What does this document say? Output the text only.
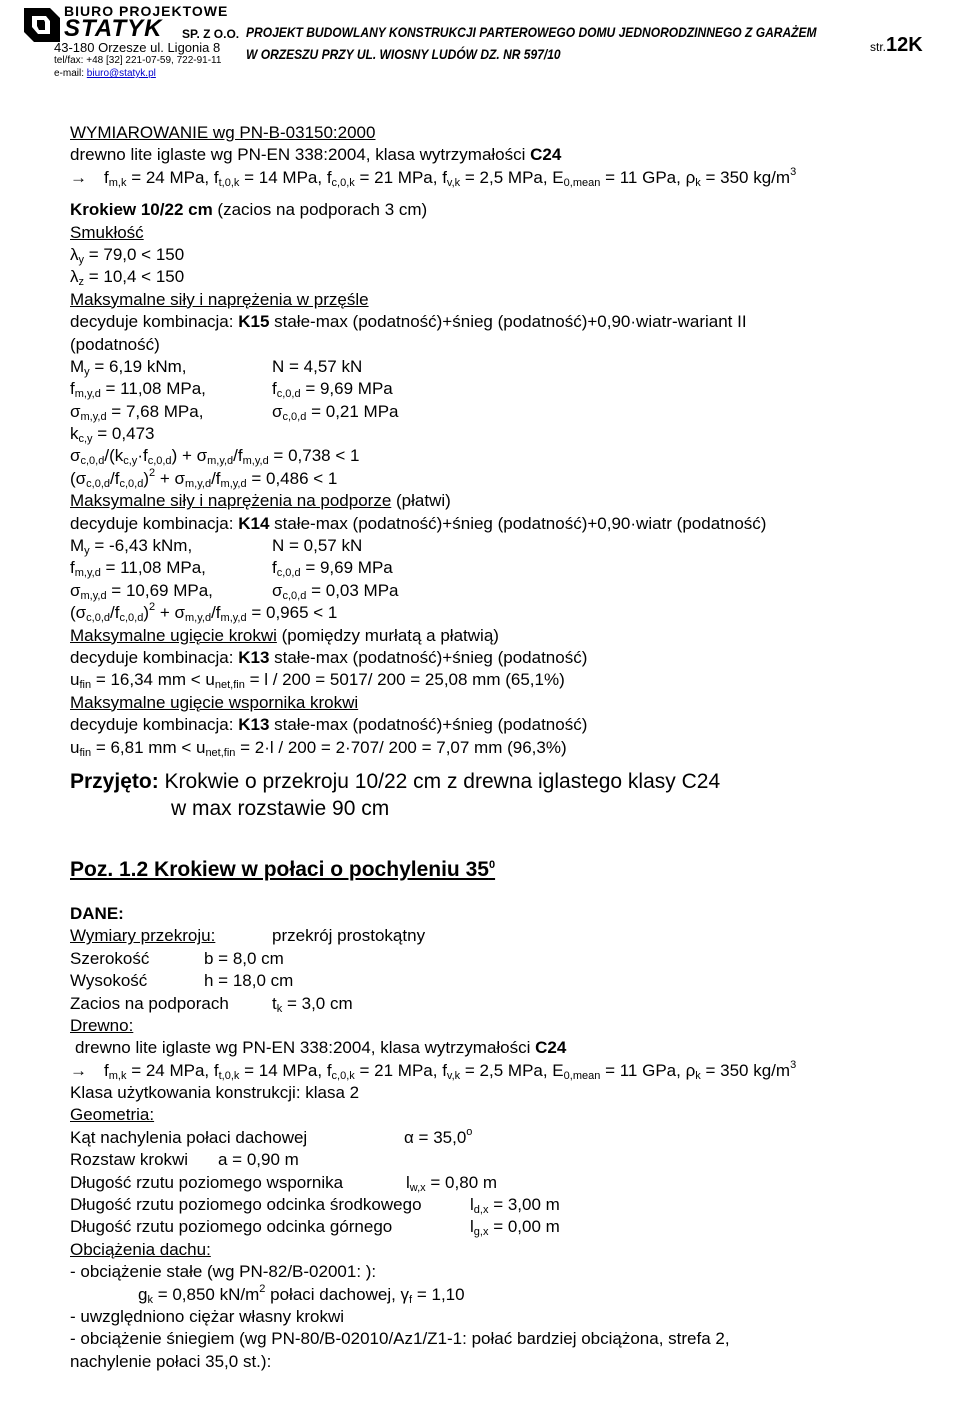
BIURO PROJEKTOWE
STATYK SP. Z O.O.
43-180 Orzesze ul. Ligonia 8
tel/fax: +48 [32] 221-07-59, 722-91-11
e-mail: biuro@statyk.pl
PROJEKT BUDOWLANY KONSTRUKCJI PARTEROWEGO DOMU JEDNORODZINNEGO Z GARAŻEM
W ORZESZU PRZY UL. WIOSNY LUDÓW DZ. NR 597/10	str.12K
WYMIAROWANIE wg PN-B-03150:2000
drewno lite iglaste wg PN-EN 338:2004, klasa wytrzymałości C24
→ $f_{m,k} = 24$ MPa, $f_{t,0,k} = 14$ MPa, $f_{c,0,k} = 21$ MPa, $f_{v,k} = 2,5$ MPa, $E_{0,mean} = 11$ GPa, $\rho_k = 350$ $kg/m^3$
Krokiew 10/22 cm (zacios na podporach 3 cm)
Smukłość
$\lambda_y = 79,0 < 150$
$\lambda_z = 10,4 < 150$
Maksymalne siły i naprężenia w przęśle
decyduje kombinacja: K15 stałe-max (podatność)+śnieg (podatność)+0,90·wiatr-wariant II
(podatność)
$M_y = 6,19$ kNm,	N = 4,57 kN
$f_{m,y,d} = 11,08$ MPa,	$f_{c,0,d} = 9,69$ MPa
$\sigma_{m,y,d} = 7,68$ MPa,	$\sigma_{c,0,d} = 0,21$ MPa
$k_{c,y} = 0,473$
$\sigma_{c,0,d}/(k_{c,y}\cdot f_{c,0,d}) + \sigma_{m,y,d}/f_{m,y,d} = 0,738 < 1$
$(\sigma_{c,0,d}/f_{c,0,d})^2 + \sigma_{m,y,d}/f_{m,y,d} = 0,486 < 1$
Maksymalne siły i naprężenia na podporze (płatwi)
decyduje kombinacja: K14 stałe-max (podatność)+śnieg (podatność)+0,90·wiatr (podatność)
$M_y = -6,43$ kNm,	N = 0,57 kN
$f_{m,y,d} = 11,08$ MPa,	$f_{c,0,d} = 9,69$ MPa
$\sigma_{m,y,d} = 10,69$ MPa,	$\sigma_{c,0,d} = 0,03$ MPa
$(\sigma_{c,0,d}/f_{c,0,d})^2 + \sigma_{m,y,d}/f_{m,y,d} = 0,965 < 1$
Maksymalne ugięcie krokwi (pomiędzy murłatą a płatwią)
decyduje kombinacja: K13 stałe-max (podatność)+śnieg (podatność)
$u_{fin} = 16,34$ mm < $u_{net,fin} = l / 200 = 5017/$ 200 = 25,08 mm (65,1%)
Maksymalne ugięcie wspornika krokwi
decyduje kombinacja: K13 stałe-max (podatność)+śnieg (podatność)
$u_{fin} = 6,81$ mm < $u_{net,fin} = 2\cdot l / 200 = 2\cdot 707/$ 200 = 7,07 mm (96,3%)
Przyjęto: Krokwie o przekroju 10/22 cm z drewna iglastego klasy C24
w max rozstawie 90 cm
Poz. 1.2 Krokiew w połaci o pochyleniu $35^0$
DANE:
Wymiary przekroju:	przekrój prostokątny
Szerokość	b = 8,0 cm
Wysokość	h = 18,0 cm
Zacios na podporach	$t_k = 3,0$ cm
Drewno:
drewno lite iglaste wg PN-EN 338:2004, klasa wytrzymałości C24
→ $f_{m,k} = 24$ MPa, $f_{t,0,k} = 14$ MPa, $f_{c,0,k} = 21$ MPa, $f_{v,k} = 2,5$ MPa, $E_{0,mean} = 11$ GPa, $\rho_k = 350$ $kg/m^3$
Klasa użytkowania konstrukcji: klasa 2
Geometria:
Kąt nachylenia połaci dachowej	$\alpha = 35,0^o$
Rozstaw krokwi a = 0,90 m
Długość rzutu poziomego wspornika	$l_{w,x} = 0,80$ m
Długość rzutu poziomego odcinka środkowego	$l_{d,x} = 3,00$ m
Długość rzutu poziomego odcinka górnego	$l_{g,x} = 0,00$ m
Obciążenia dachu:
- obciążenie stałe (wg PN-82/B-02001: ):
$g_k = 0,850$ $kN/m^2$ połaci dachowej, $\gamma_f = 1,10$
- uwzględniono ciężar własny krokwi
- obciążenie śniegiem (wg PN-80/B-02010/Az1/Z1-1: połać bardziej obciążona, strefa 2,
nachylenie połaci 35,0 st.):
